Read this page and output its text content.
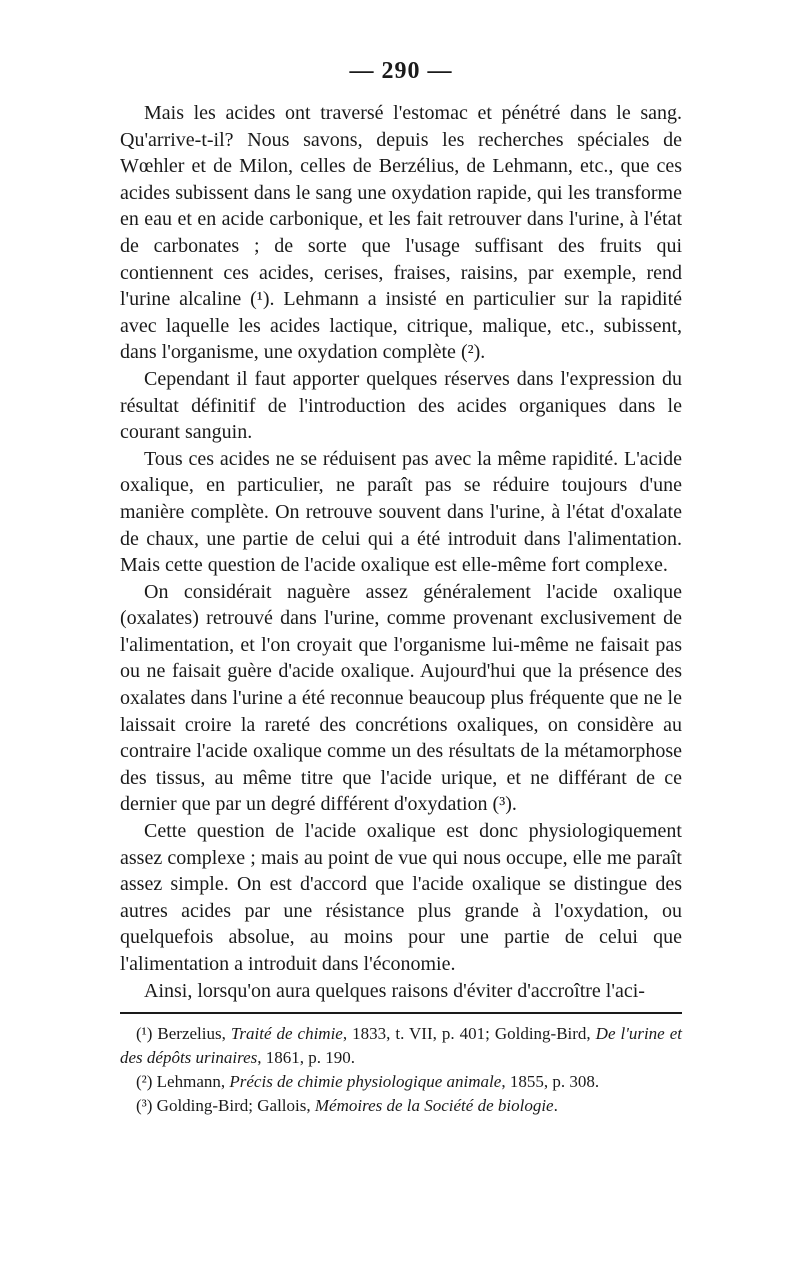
— 290 —

Mais les acides ont traversé l'estomac et pénétré dans le sang. Qu'arrive-t-il? Nous savons, depuis les recherches spéciales de Wœhler et de Milon, celles de Berzélius, de Lehmann, etc., que ces acides subissent dans le sang une oxydation rapide, qui les transforme en eau et en acide carbonique, et les fait retrouver dans l'urine, à l'état de carbonates ; de sorte que l'usage suffisant des fruits qui contiennent ces acides, cerises, fraises, raisins, par exemple, rend l'urine alcaline (¹). Lehmann a insisté en particulier sur la rapidité avec laquelle les acides lactique, citrique, malique, etc., subissent, dans l'organisme, une oxydation complète (²).

Cependant il faut apporter quelques réserves dans l'expression du résultat définitif de l'introduction des acides organiques dans le courant sanguin.

Tous ces acides ne se réduisent pas avec la même rapidité. L'acide oxalique, en particulier, ne paraît pas se réduire toujours d'une manière complète. On retrouve souvent dans l'urine, à l'état d'oxalate de chaux, une partie de celui qui a été introduit dans l'alimentation. Mais cette question de l'acide oxalique est elle-même fort complexe.

On considérait naguère assez généralement l'acide oxalique (oxalates) retrouvé dans l'urine, comme provenant exclusivement de l'alimentation, et l'on croyait que l'organisme lui-même ne faisait pas ou ne faisait guère d'acide oxalique. Aujourd'hui que la présence des oxalates dans l'urine a été reconnue beaucoup plus fréquente que ne le laissait croire la rareté des concrétions oxaliques, on considère au contraire l'acide oxalique comme un des résultats de la métamorphose des tissus, au même titre que l'acide urique, et ne différant de ce dernier que par un degré différent d'oxydation (³).

Cette question de l'acide oxalique est donc physiologiquement assez complexe ; mais au point de vue qui nous occupe, elle me paraît assez simple. On est d'accord que l'acide oxalique se distingue des autres acides par une résistance plus grande à l'oxydation, ou quelquefois absolue, au moins pour une partie de celui que l'alimentation a introduit dans l'économie.

Ainsi, lorsqu'on aura quelques raisons d'éviter d'accroître l'aci-

(¹) Berzelius, Traité de chimie, 1833, t. VII, p. 401; Golding-Bird, De l'urine et des dépôts urinaires, 1861, p. 190.

(²) Lehmann, Précis de chimie physiologique animale, 1855, p. 308.

(³) Golding-Bird; Gallois, Mémoires de la Société de biologie.
